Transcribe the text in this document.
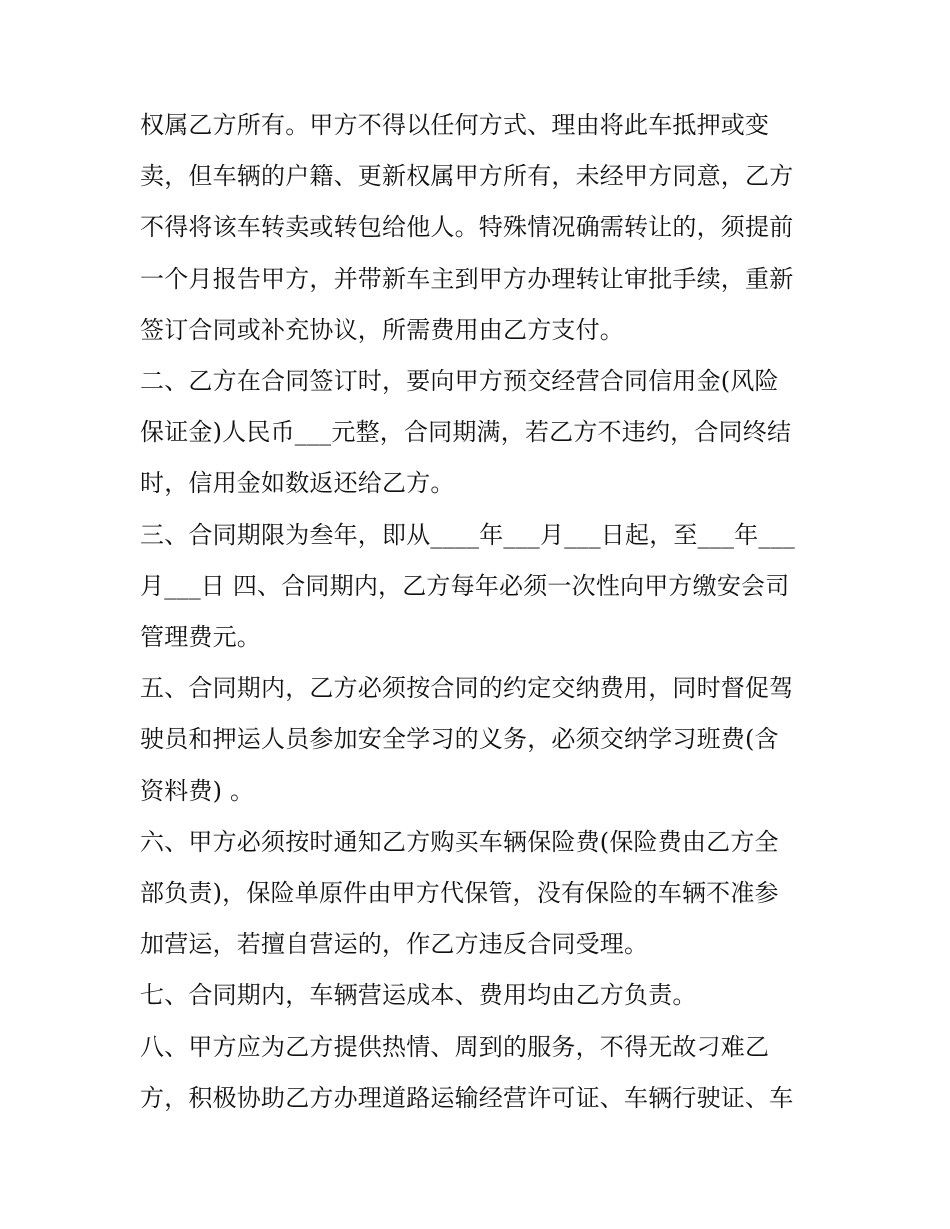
权属乙方所有。甲方不得以任何方式、理由将此车抵押或变
卖，但车辆的户籍、更新权属甲方所有，未经甲方同意，乙方
不得将该车转卖或转包给他人。特殊情况确需转让的，须提前
一个月报告甲方，并带新车主到甲方办理转让审批手续，重新
签订合同或补充协议，所需费用由乙方支付。

二、乙方在合同签订时，要向甲方预交经营合同信用金(风险
保证金)人民币___元整，合同期满，若乙方不违约，合同终结
时，信用金如数返还给乙方。

三、合同期限为叁年，即从____年___月___日起，至___年___
月___日 四、合同期内，乙方每年必须一次性向甲方缴安会司
管理费元。

五、合同期内，乙方必须按合同的约定交纳费用，同时督促驾
驶员和押运人员参加安全学习的义务，必须交纳学习班费(含
资料费) 。

六、甲方必须按时通知乙方购买车辆保险费(保险费由乙方全
部负责)，保险单原件由甲方代保管，没有保险的车辆不准参
加营运，若擅自营运的，作乙方违反合同受理。

七、合同期内，车辆营运成本、费用均由乙方负责。

八、甲方应为乙方提供热情、周到的服务，不得无故刁难乙
方，积极协助乙方办理道路运输经营许可证、车辆行驶证、车
